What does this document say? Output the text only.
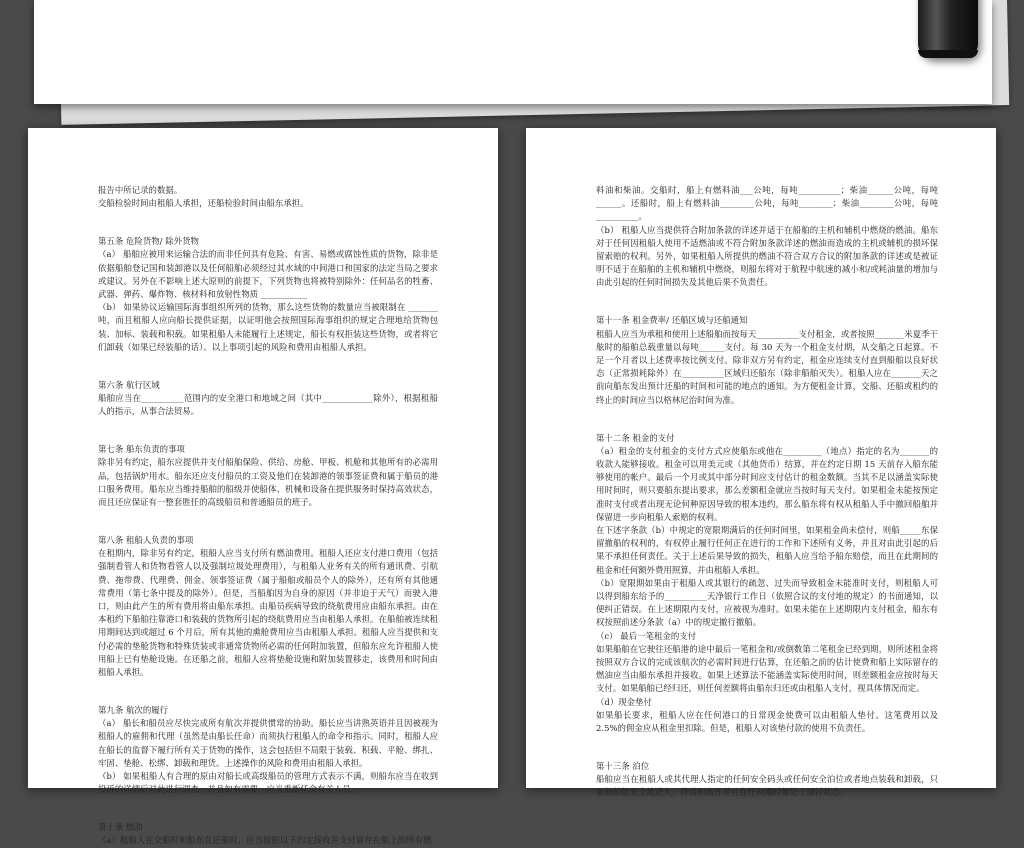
报告中所记录的数据。

交船检验时间由租船人承担，还船检验时间由船东承担。

第五条 危险货物/ 除外货物

（a） 船舶应被用来运输合法的而非任何具有危险、有害、易燃或腐蚀性质的货物，除非是依据船舶登记国和装卸港以及任何船舶必须经过其水域的中间港口和国家的法定当局之要求或建议。另外在不影响上述大原则的前提下，下列货物也将被特别除外：任何品名的牲畜、武器、弹药、爆炸物、核材料和放射性物质 ___________

（b） 如果协议运输国际海事组织所列的货物，那么这些货物的数量应当被限制在 _______吨，而且租船人应向船长提供证据，以证明他会按照国际海事组织的规定合理地给货物包装、加标、装载和积载。如果租船人未能履行上述规定，船长有权拒装这些货物，或者将它们卸载（如果已经装船的话）。以上事项引起的风险和费用由租船人承担。

第六条 航行区域

船舶应当在__________范围内的安全港口和地域之间（其中____________除外），根据租船人的指示，从事合法贸易。

第七条 船东负责的事项

除非另有约定，船东应提供并支付船舶保险、供给、房舱、甲板、机舱和其他所有的必需用品，包括锅炉用水。船东还应支付船员的工资及他们在装卸港的领事签证费和属于船员的港口服务费用。船东应当维持船舶的船级并使船体、机械和设备在提供服务时保持高效状态，而且还应保证有一整套胜任的高级船员和普通船员的班子。

第八条 租船人负责的事项

在租期内，除非另有约定，租船人应当支付所有燃油费用。租船人还应支付港口费用（包括强制看管人和货物看管人以及强制垃圾处理费用），与租船人业务有关的所有通讯费、引航费、拖带费、代理费、佣金、领事签证费（属于船舶或船员个人的除外），还有所有其他通常费用（第七条中提及的除外）。但是，当船舶因为自身的原因（并非迫于天气）而驶入港口，则由此产生的所有费用将由船东承担。由船员疾病导致的绕航费用应由船东承担。由在本租约下船舶往靠港口和装载的货物所引起的绕航费用应当由租船人承担。在船舶被连续租用期间达到或超过 6 个月后，所有其他的熏舱费用应当由租船人承担。租船人应当提供和支付必需的垫舱货物和特殊货装或非通常货物所必需的任何附加装置，但船东应允许租船人使用船上已有垫舱设施。在还船之前，租船人应将垫舱设施和附加装置移走，该费用和时间由租船人承担。

第九条 航次的履行

（a） 船长和船员应尽快完成所有航次并提供惯常的协助。船长应当讲熟英语并且因被视为租船人的雇佣和代理（虽然是由船长任命）而须执行租船人的命令和指示。同时，租船人应在船长的监督下履行所有关于货物的操作，这会包括但不局限于装载、积载、平舱、绑扎、牢固、垫舱、松绑、卸载和理货。上述操作的风险和费用由租船人承担。

（b） 如果租船人有合理的原由对船长或高级船员的管理方式表示不满，则船东应当在收到投诉的详情后对此进行调查。并且如有需要，应当重新任命有关人员。

第十条 燃油

（a）租船人在交船时和船东在还船时，应当按照以下约定接收并支付留存在船上的所有燃

料油和柴油。交船时，船上有燃料油___公吨，每吨__________；柴油______公吨，每吨______。还船时，船上有燃料油________公吨，每吨________；柴油________公吨，每吨__________。

（b） 租船人应当提供符合附加条款的详述并适于在船舶的主机和辅机中燃烧的燃油。船东对于任何因租船人使用不适燃油或不符合附加条款详述的燃油而造成的主机或辅机的损坏保留索赔的权利。另外，如果租船人所提供的燃油不符合双方合议的附加条款的详述或是被证明不适于在船舶的主机和辅机中燃烧，则船东将对于航程中航速的减小和/或耗油量的增加与由此引起的任何时间损失及其他后果不负责任。

第十一条 租金费率/ 还船区域与还船通知

租船人应当为承租和使用上述船舶而按每天__________支付租金，或者按照_______米夏季干舷时的船舶总载重量以每吨______支付。每 30 天为一个租金支付期，从交船之日起算。不足一个月者以上述费率按比例支付。除非双方另有约定，租金应连续支付直到船舶以良好状态（正常损耗除外）在__________区域归还船东（除非船舶灭失）。租船人应在_______天之前向船东发出预计还船的时间和可能的地点的通知。为方便租金计算，交船、还船或租约的终止的时间应当以格林尼治时间为准。

第十二条 租金的支付

（a）租金的支付租金的支付方式应使船东或他在_________（地点）指定的名为_______的收款人能够接收。租金可以用美元或（其他货币）结算，并在约定日期 15 天前存入船东能够使用的帐户。最后一个月或其中部分时间应支付估计的租金数额。当其不足以涵盖实际使用时间时，则只要船东提出要求，那么差额租金就应当按时每天支付。如果租金未能按预定准时支付或者出现无论何种原因导致的根本违约，那么船东将有权从租船人手中撤回船舶并保留进一步向租船人索赔的权利。

在下述字条款（b）中规定的宽限期满后的任何时间里，如果租金尚未偿付，则船_____东保留撤船的权利的，有权停止履行任何正在进行的工作和下述所有义务，并且对由此引起的后果不承担任何责任。关于上述后果导致的损失，租船人应当给予船东赔偿，而且在此期间的租金和任何额外费用照算，并由租船人承担。

（b）宽限期如果由于租船人或其银行的疏忽、过失而导致租金未能准时支付，则租船人可以得到船东给予的__________天净银行工作日（依照合议的支付地的规定）的书面通知，以便纠正错误。在上述期限内支付，应被视为准时。如果未能在上述期限内支付租金，船东有权按照前述分条款（a）中的规定撤行撤船。

（c） 最后一笔租金的支付

如果船舶在它驶往还船港的途中最后一笔租金和/或倒数第二笔租金已经到期，则所述租金将按照双方合议的完成该航次的必需时间进行估算，在还船之前的估计使费和船上实际留存的燃油应当由船东承担并接收。如果上述算法不能涵盖实际使用时间，则差额租金应按时每天支付。如果船舶已经归还，则任何差额将由船东归还或由租船人支付，视具体情况而定。

（d）现金垫付

如果船长要求，租船人应在任何港口的日常现金使费可以由租船人垫付。这笔费用以及 2.5%的佣金应从租金里扣除。但是，租船人对该垫付款的使用不负责任。

第十三条 泊位

船舶应当在租船人或其代理人指定的任何安全码头或任何安全泊位或者地点装载和卸载，只要船舶能安全地进入、停泊和离开并且在任何潮时都处于漂浮状态。
